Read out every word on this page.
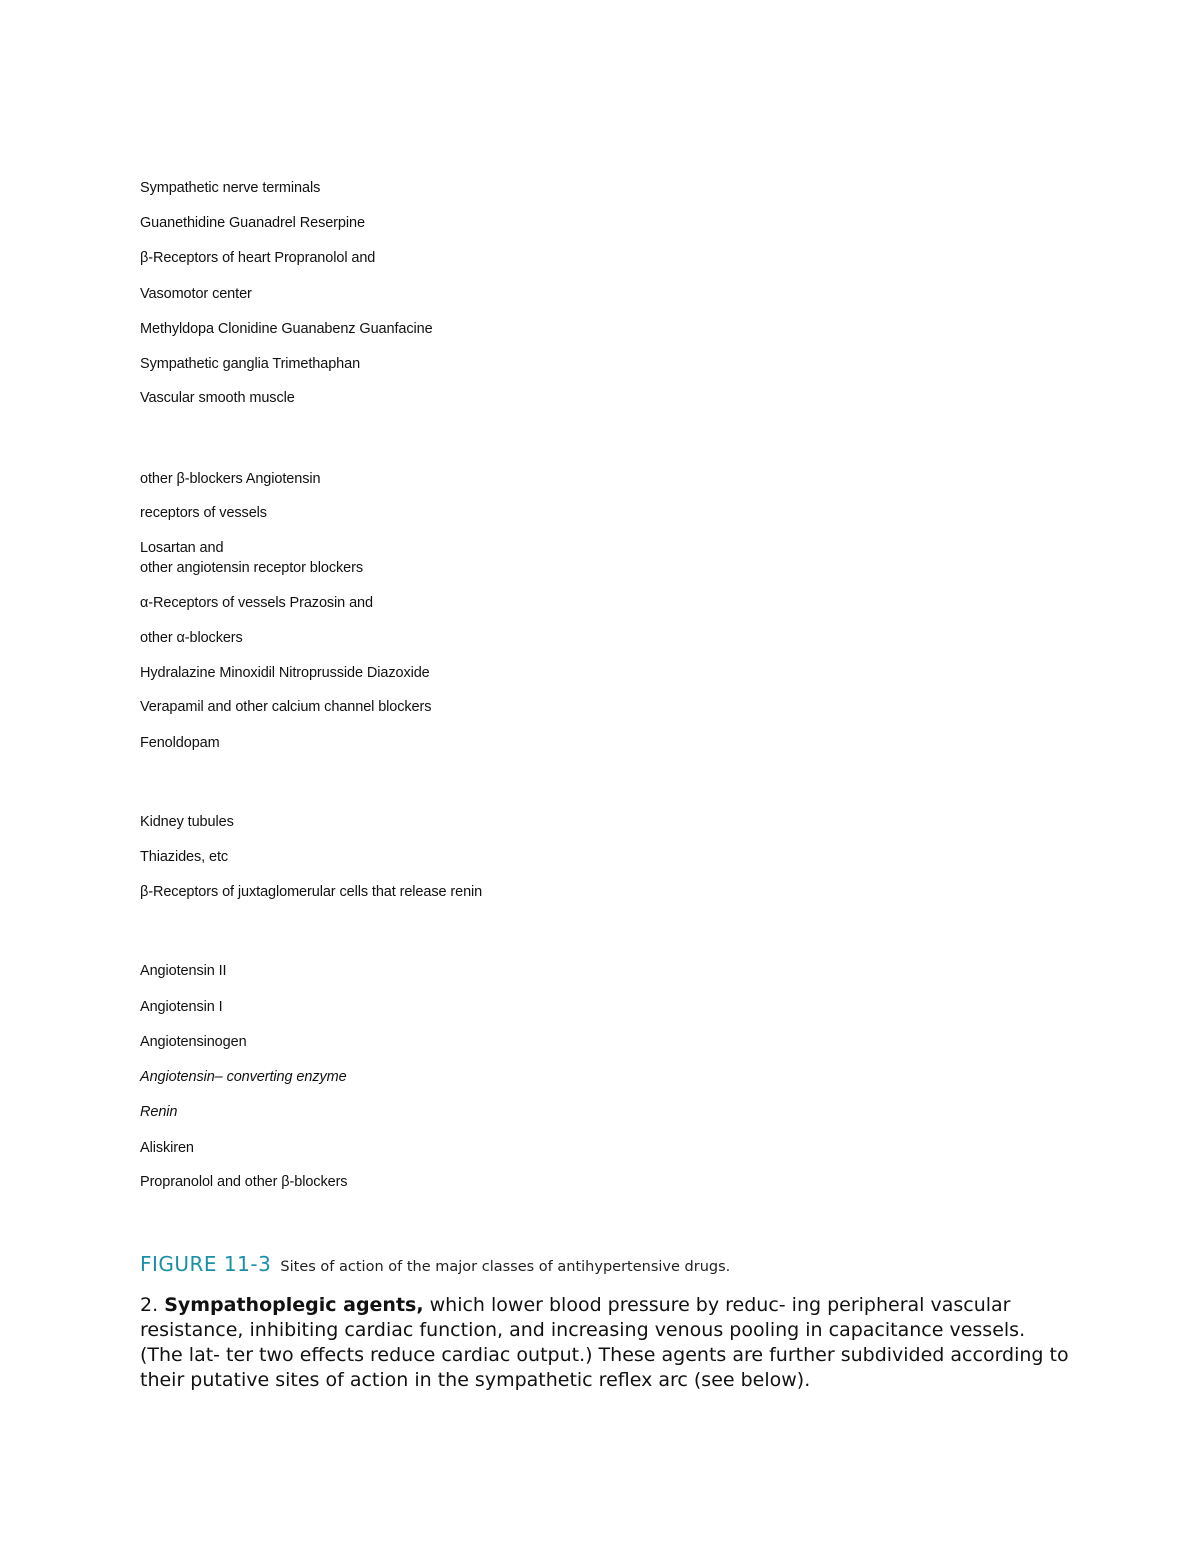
Sympathetic nerve terminals
Guanethidine Guanadrel Reserpine
β-Receptors of heart Propranolol and
Vasomotor center
Methyldopa Clonidine Guanabenz Guanfacine
Sympathetic ganglia Trimethaphan
Vascular smooth muscle
other β-blockers Angiotensin
receptors of vessels
Losartan and
other angiotensin receptor blockers
α-Receptors of vessels Prazosin and
other α-blockers
Hydralazine Minoxidil Nitroprusside Diazoxide
Verapamil and other calcium channel blockers
Fenoldopam
Kidney tubules
Thiazides, etc
β-Receptors of juxtaglomerular cells that release renin
Angiotensin II
Angiotensin I
Angiotensinogen
Angiotensin– converting enzyme
Renin
Aliskiren
Propranolol and other β-blockers
FIGURE 11-3 Sites of action of the major classes of antihypertensive drugs.
2. Sympathoplegic agents, which lower blood pressure by reduc- ing peripheral vascular resistance, inhibiting cardiac function, and increasing venous pooling in capacitance vessels. (The lat- ter two effects reduce cardiac output.) These agents are further subdivided according to their putative sites of action in the sympathetic reflex arc (see below).
